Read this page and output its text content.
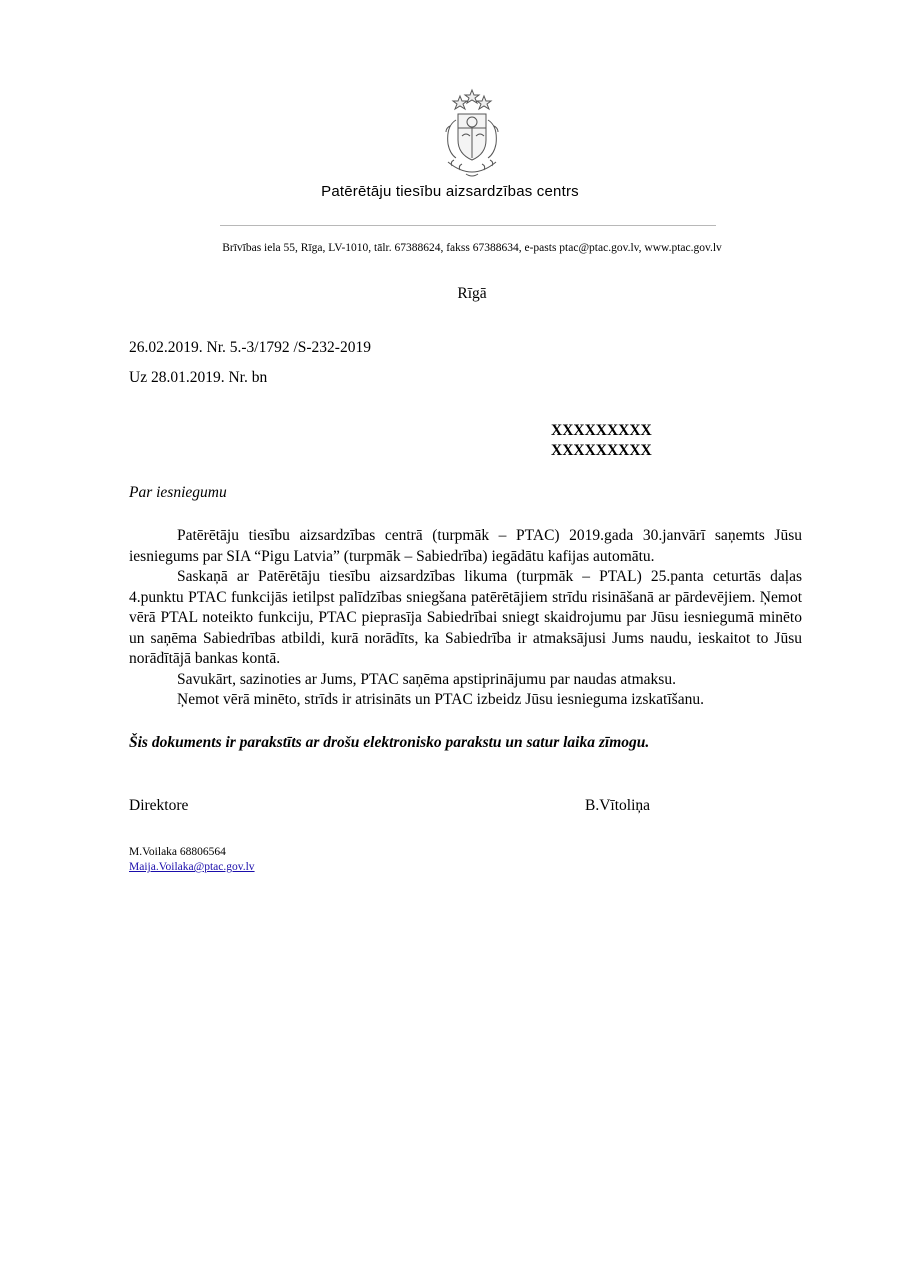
Patērētāju tiesību aizsardzības centrs
Brīvības iela 55, Rīga, LV-1010, tālr. 67388624, fakss 67388634, e-pasts ptac@ptac.gov.lv, www.ptac.gov.lv
Rīgā
26.02.2019. Nr. 5.-3/1792 /S-232-2019
Uz 28.01.2019. Nr. bn
XXXXXXXXX
XXXXXXXXX
Par iesniegumu

Patērētāju tiesību aizsardzības centrā (turpmāk – PTAC) 2019.gada 30.janvārī saņemts Jūsu iesniegums par SIA “Pigu Latvia” (turpmāk – Sabiedrība) iegādātu kafijas automātu.

Saskaņā ar Patērētāju tiesību aizsardzības likuma (turpmāk – PTAL) 25.panta ceturtās daļas 4.punktu PTAC funkcijās ietilpst palīdzības sniegšana patērētājiem strīdu risināšanā ar pārdevējiem. Ņemot vērā PTAL noteikto funkciju, PTAC pieprasīja Sabiedrībai sniegt skaidrojumu par Jūsu iesniegumā minēto un saņēma Sabiedrības atbildi, kurā norādīts, ka Sabiedrība ir atmaksājusi Jums naudu, ieskaitot to Jūsu norādītājā bankas kontā.

Savukārt, sazinoties ar Jums, PTAC saņēma apstiprinājumu par naudas atmaksu.

Ņemot vērā minēto, strīds ir atrisināts un PTAC izbeidz Jūsu iesnieguma izskatīšanu.

Šis dokuments ir parakstīts ar drošu elektronisko parakstu un satur laika zīmogu.
Direktore	B.Vītoliņa
M.Voilaka 68806564
Maija.Voilaka@ptac.gov.lv
